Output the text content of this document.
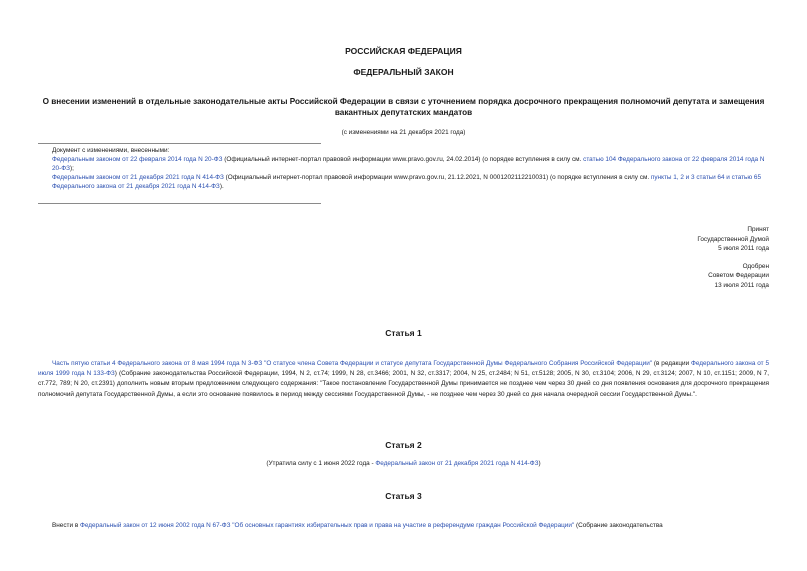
РОССИЙСКАЯ ФЕДЕРАЦИЯ
ФЕДЕРАЛЬНЫЙ ЗАКОН
О внесении изменений в отдельные законодательные акты Российской Федерации в связи с уточнением порядка досрочного прекращения полномочий депутата и замещения вакантных депутатских мандатов
(с изменениями на 21 декабря 2021 года)
Документ с изменениями, внесенными:
Федеральным законом от 22 февраля 2014 года N 20-ФЗ (Официальный интернет-портал правовой информации www.pravo.gov.ru, 24.02.2014) (о порядке вступления в силу см. статью 104 Федерального закона от 22 февраля 2014 года N 20-ФЗ);
Федеральным законом от 21 декабря 2021 года N 414-ФЗ (Официальный интернет-портал правовой информации www.pravo.gov.ru, 21.12.2021, N 0001202112210031) (о порядке вступления в силу см. пункты 1, 2 и 3 статьи 64 и статью 65 Федерального закона от 21 декабря 2021 года N 414-ФЗ).
Принят
Государственной Думой
5 июля 2011 года
Одобрен
Советом Федерации
13 июля 2011 года
Статья 1
Часть пятую статьи 4 Федерального закона от 8 мая 1994 года N 3-ФЗ "О статусе члена Совета Федерации и статусе депутата Государственной Думы Федерального Собрания Российской Федерации" (в редакции Федерального закона от 5 июля 1999 года N 133-ФЗ) (Собрание законодательства Российской Федерации, 1994, N 2, ст.74; 1999, N 28, ст.3466; 2001, N 32, ст.3317; 2004, N 25, ст.2484; N 51, ст.5128; 2005, N 30, ст.3104; 2006, N 29, ст.3124; 2007, N 10, ст.1151; 2009, N 7, ст.772, 789; N 20, ст.2391) дополнить новым вторым предложением следующего содержания: "Такое постановление Государственной Думы принимается не позднее чем через 30 дней со дня появления основания для досрочного прекращения полномочий депутата Государственной Думы, а если это основание появилось в период между сессиями Государственной Думы, - не позднее чем через 30 дней со дня начала очередной сессии Государственной Думы.".
Статья 2
(Утратила силу с 1 июня 2022 года - Федеральный закон от 21 декабря 2021 года N 414-ФЗ)
Статья 3
Внести в Федеральный закон от 12 июня 2002 года N 67-ФЗ "Об основных гарантиях избирательных прав и права на участие в референдуме граждан Российской Федерации" (Собрание законодательства
